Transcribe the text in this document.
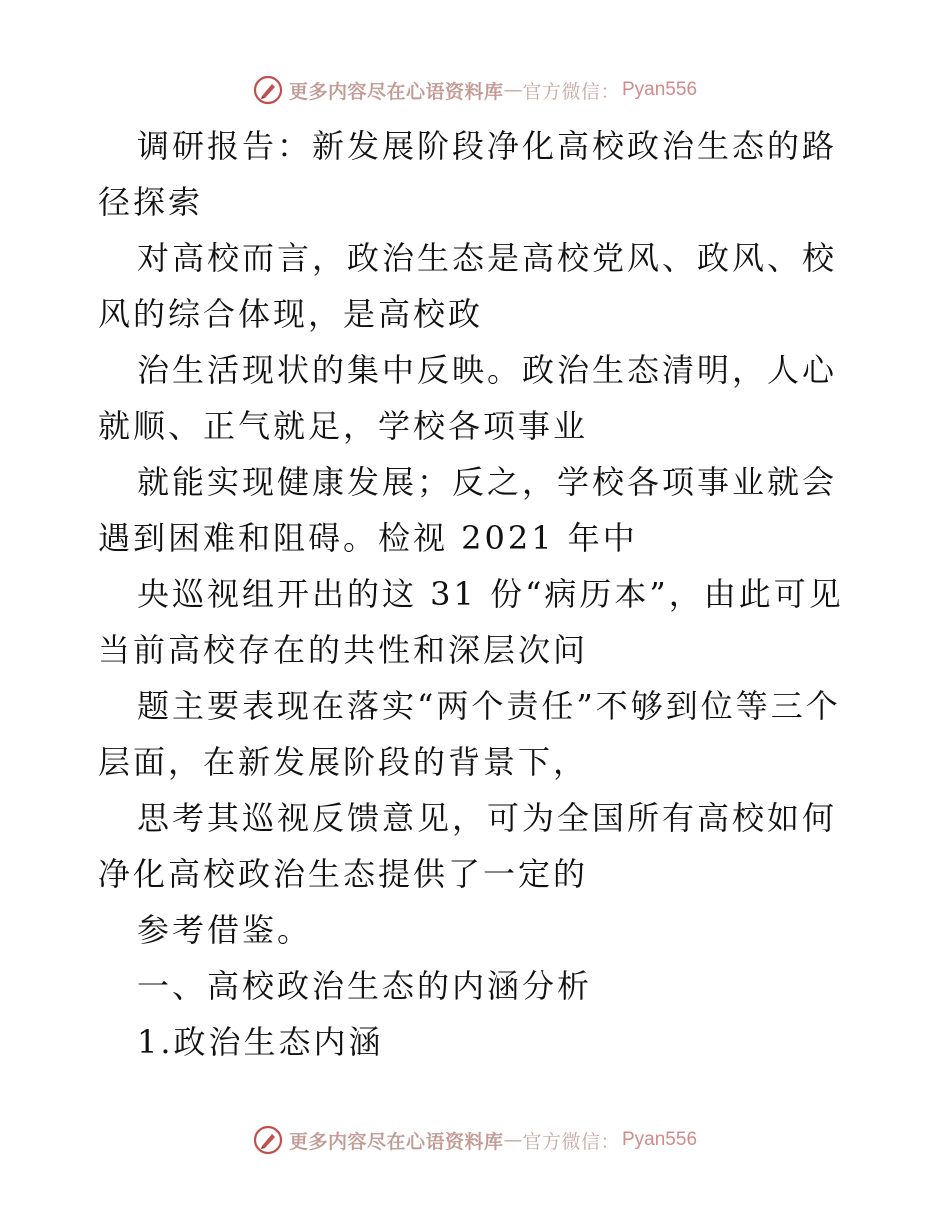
更多内容尽在心语资料库 — 官方微信： Pyan556

调研报告：新发展阶段净化高校政治生态的路径探索

对高校而言，政治生态是高校党风、政风、校风的综合体现，是高校政

治生活现状的集中反映。政治生态清明，人心就顺、正气就足，学校各项事业

就能实现健康发展；反之，学校各项事业就会遇到困难和阻碍。检视 2021 年中

央巡视组开出的这 31 份“病历本”，由此可见当前高校存在的共性和深层次问

题主要表现在落实“两个责任”不够到位等三个层面，在新发展阶段的背景下，

思考其巡视反馈意见，可为全国所有高校如何净化高校政治生态提供了一定的

参考借鉴。

一、高校政治生态的内涵分析

1.政治生态内涵

更多内容尽在心语资料库 — 官方微信： Pyan556
